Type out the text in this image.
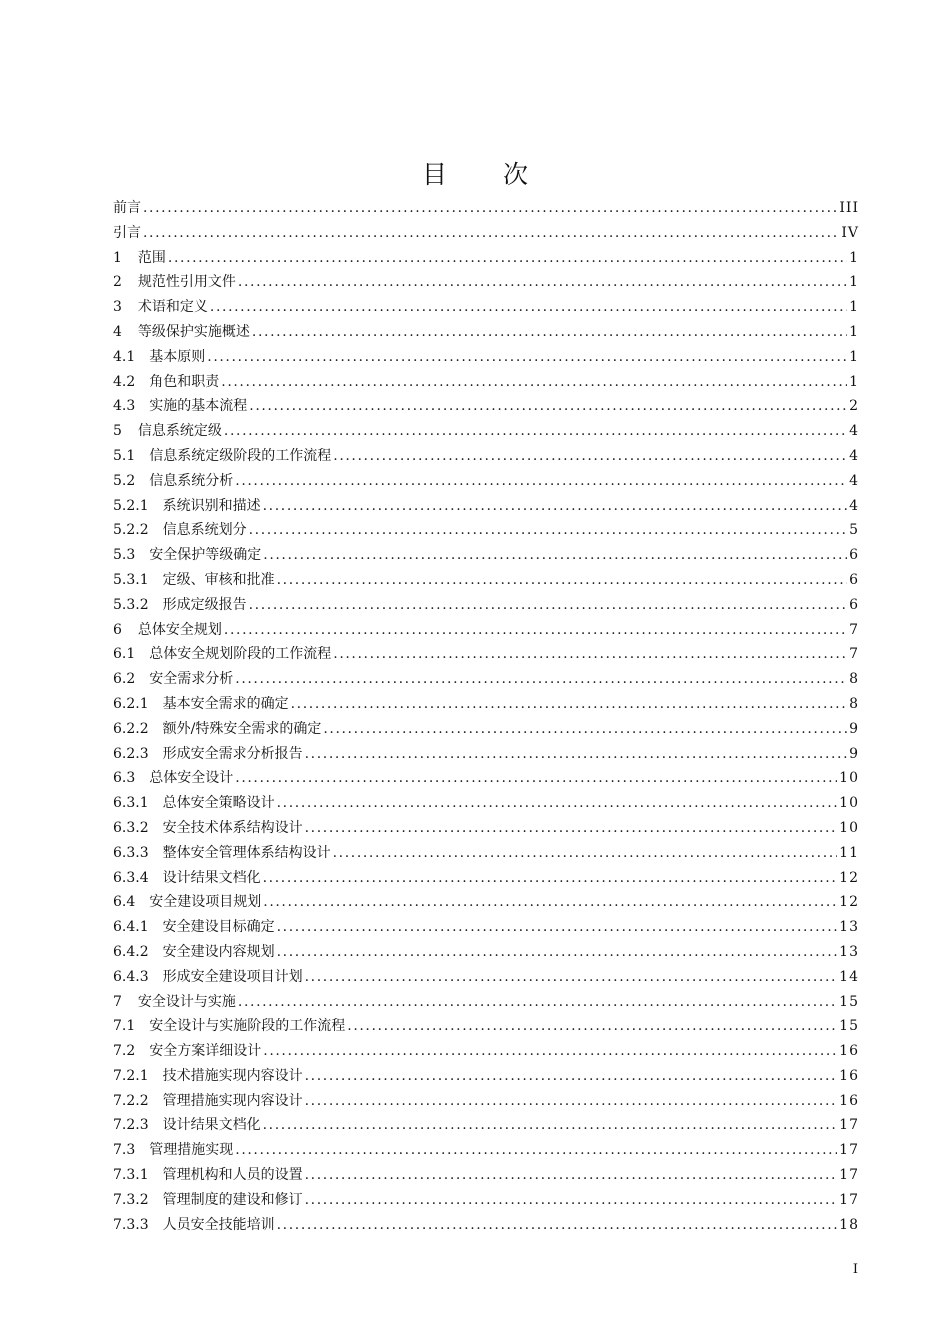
目 次
前言 .....	III
引言 .....	IV
1 范围 .....	1
2 规范性引用文件 .....	1
3 术语和定义 .....	1
4 等级保护实施概述 .....	1
4.1 基本原则 .....	1
4.2 角色和职责 .....	1
4.3 实施的基本流程 .....	2
5 信息系统定级 .....	4
5.1 信息系统定级阶段的工作流程 .....	4
5.2 信息系统分析 .....	4
5.2.1 系统识别和描述 .....	4
5.2.2 信息系统划分 .....	5
5.3 安全保护等级确定 .....	6
5.3.1 定级、审核和批准 .....	6
5.3.2 形成定级报告 .....	6
6 总体安全规划 .....	7
6.1 总体安全规划阶段的工作流程 .....	7
6.2 安全需求分析 .....	8
6.2.1 基本安全需求的确定 .....	8
6.2.2 额外/特殊安全需求的确定 .....	9
6.2.3 形成安全需求分析报告 .....	9
6.3 总体安全设计 .....	10
6.3.1 总体安全策略设计 .....	10
6.3.2 安全技术体系结构设计 .....	10
6.3.3 整体安全管理体系结构设计 .....	11
6.3.4 设计结果文档化 .....	12
6.4 安全建设项目规划 .....	12
6.4.1 安全建设目标确定 .....	13
6.4.2 安全建设内容规划 .....	13
6.4.3 形成安全建设项目计划 .....	14
7 安全设计与实施 .....	15
7.1 安全设计与实施阶段的工作流程 .....	15
7.2 安全方案详细设计 .....	16
7.2.1 技术措施实现内容设计 .....	16
7.2.2 管理措施实现内容设计 .....	16
7.2.3 设计结果文档化 .....	17
7.3 管理措施实现 .....	17
7.3.1 管理机构和人员的设置 .....	17
7.3.2 管理制度的建设和修订 .....	17
7.3.3 人员安全技能培训 .....	18
I
